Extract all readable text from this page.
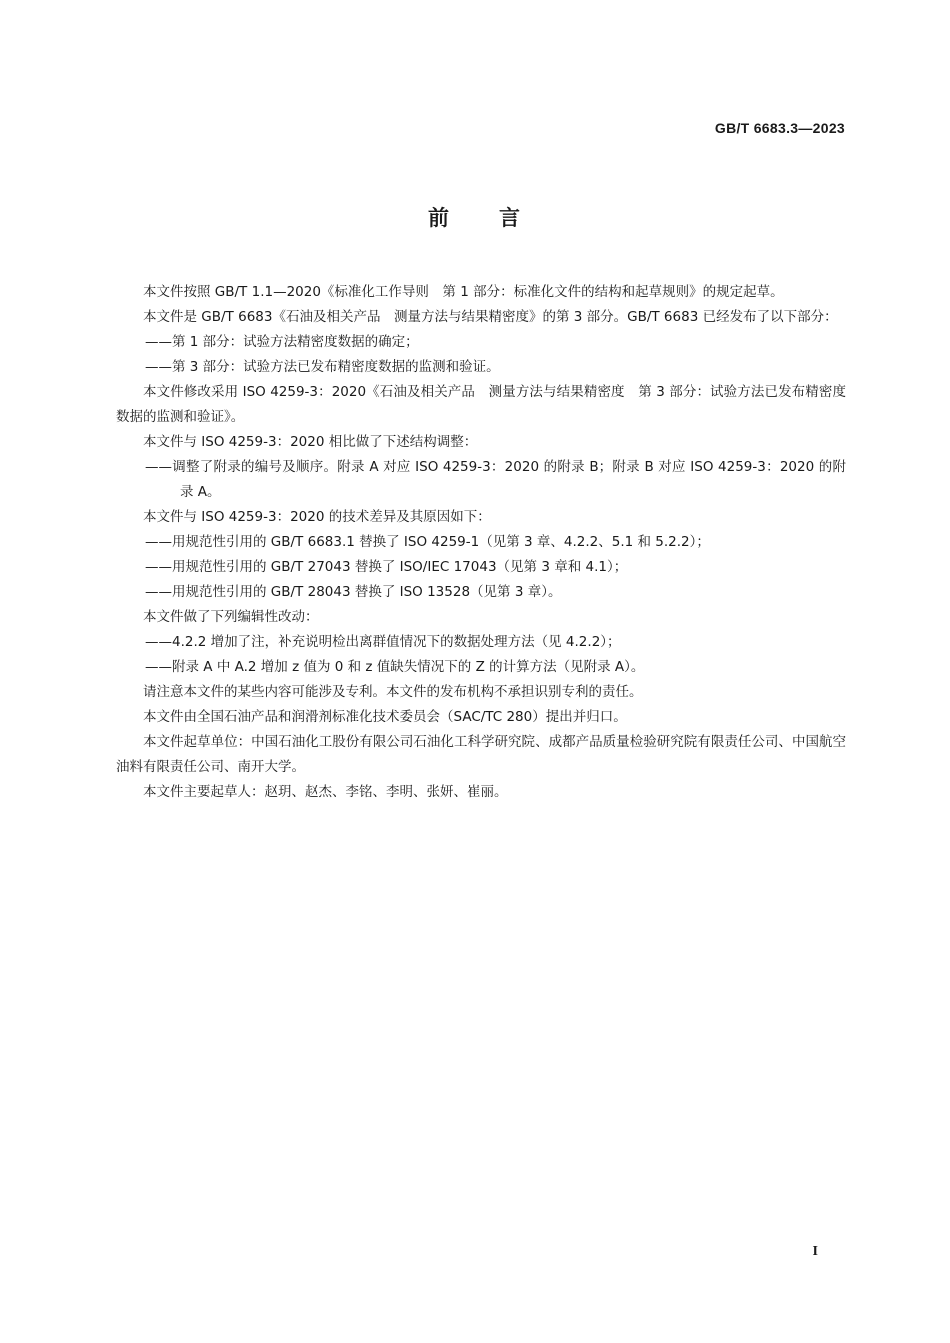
GB/T 6683.3—2023
前 言

本文件按照 GB/T 1.1—2020《标准化工作导则　第 1 部分：标准化文件的结构和起草规则》的规定起草。

本文件是 GB/T 6683《石油及相关产品　测量方法与结果精密度》的第 3 部分。GB/T 6683 已经发布了以下部分：

——第 1 部分：试验方法精密度数据的确定；

——第 3 部分：试验方法已发布精密度数据的监测和验证。

本文件修改采用 ISO 4259-3：2020《石油及相关产品　测量方法与结果精密度　第 3 部分：试验方法已发布精密度数据的监测和验证》。

本文件与 ISO 4259-3：2020 相比做了下述结构调整：

——调整了附录的编号及顺序。附录 A 对应 ISO 4259-3：2020 的附录 B；附录 B 对应 ISO 4259-3：2020 的附录 A。

本文件与 ISO 4259-3：2020 的技术差异及其原因如下：

——用规范性引用的 GB/T 6683.1 替换了 ISO 4259-1（见第 3 章、4.2.2、5.1 和 5.2.2）；

——用规范性引用的 GB/T 27043 替换了 ISO/IEC 17043（见第 3 章和 4.1）；

——用规范性引用的 GB/T 28043 替换了 ISO 13528（见第 3 章）。

本文件做了下列编辑性改动：

——4.2.2 增加了注，补充说明检出离群值情况下的数据处理方法（见 4.2.2）；

——附录 A 中 A.2 增加 z 值为 0 和 z 值缺失情况下的 Z 的计算方法（见附录 A）。

请注意本文件的某些内容可能涉及专利。本文件的发布机构不承担识别专利的责任。

本文件由全国石油产品和润滑剂标准化技术委员会（SAC/TC 280）提出并归口。

本文件起草单位：中国石油化工股份有限公司石油化工科学研究院、成都产品质量检验研究院有限责任公司、中国航空油料有限责任公司、南开大学。

本文件主要起草人：赵玥、赵杰、李铭、李明、张妍、崔丽。

I
